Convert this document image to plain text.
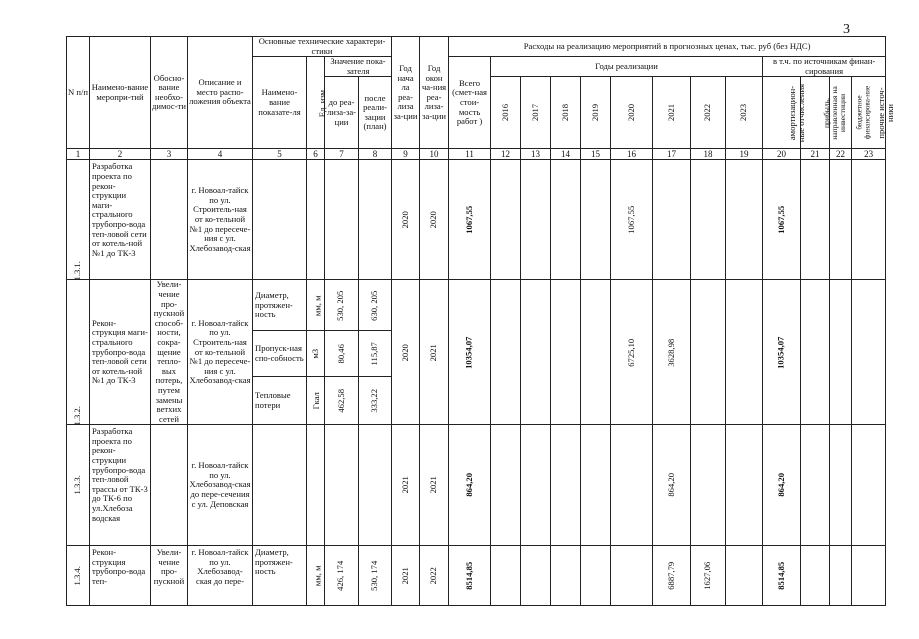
3
N п/п	Наимено-вание меропри-тий	Обосно-вание необхо-димос-ти	Описание и место распо-ложения объекта	Основные технические характери-стики				Год нача ла реа-лиза за-ции	Год окон ча-ния реа-лиза-за-ции	Расходы на реализацию мероприятий в прогнозных ценах, тыс. руб (без НДС)												
				Наимено-вание показате-ля	Ед. изм.	Значение пока-зателя				Всего (смет-ная стои-мость работ )	Годы реализации								в т.ч. по источникам финан-сирования			
						до реа-лиза-за-ции	после реали-зации (план)				2016	2017	2018	2019	2020	2021	2022	2023	амортизацион-ные отчисления	прибыль, направленная на инвестиции	бюджетное финансирова-ние	прочие источ-ники
1	2	3	4	5	6	7	8	9	10	11	12	13	14	15	16	17	18	19	20	21	22	23
1.3.1.	Разработка проекта по рекон-струкции маги-стрального трубопро-вода теп-ловой сети от котель-ной №1 до ТК-3		г. Новоал-тайск по ул. Строитель-ная от ко-тельной №1 до пересече-ния с ул. Хлебозавод-ская					2020	2020	1067,55					1067,55				1067,55			
1.3.2.	Рекон-струкция маги-стрального трубопро-вода теп-ловой сети от котель-ной №1 до ТК-3	Увели-чение про-пускной способ-ности, сокра-щение тепло-вых потерь, путем замены ветхих сетей	г. Новоал-тайск по ул. Строитель-ная от ко-тельной №1 до пересече-ния с ул. Хлебозавод-ская	Диаметр, протяжен-ность	мм, м	530, 205	630, 205	2020	2021	10354,07					6725,10	3628,98			10354,07			
				Пропуск-ная спо-собность	м3	80,46	115,87															
				Тепловые потери	Гкал	462,58	333,22															
1.3.3.	Разработка проекта по рекон-струкции трубопро-вода теп-ловой трассы от ТК-3 до ТК-6 по ул.Хлебоза водская		г. Новоал-тайск по ул. Хлебозавод-ская до пере-сечения с ул. Деповская					2021	2021	864,20						864,20			864,20			
1.3.4.	Рекон-струкция трубопро-вода теп-	Увели-чение про-пускной	г. Новоал-тайск по ул. Хлебозавод-ская до пере-	Диаметр, протяжен-ность	мм, м	426, 174	530, 174	2021	2022	8514,85						6887,79	1627,06		8514,85			
